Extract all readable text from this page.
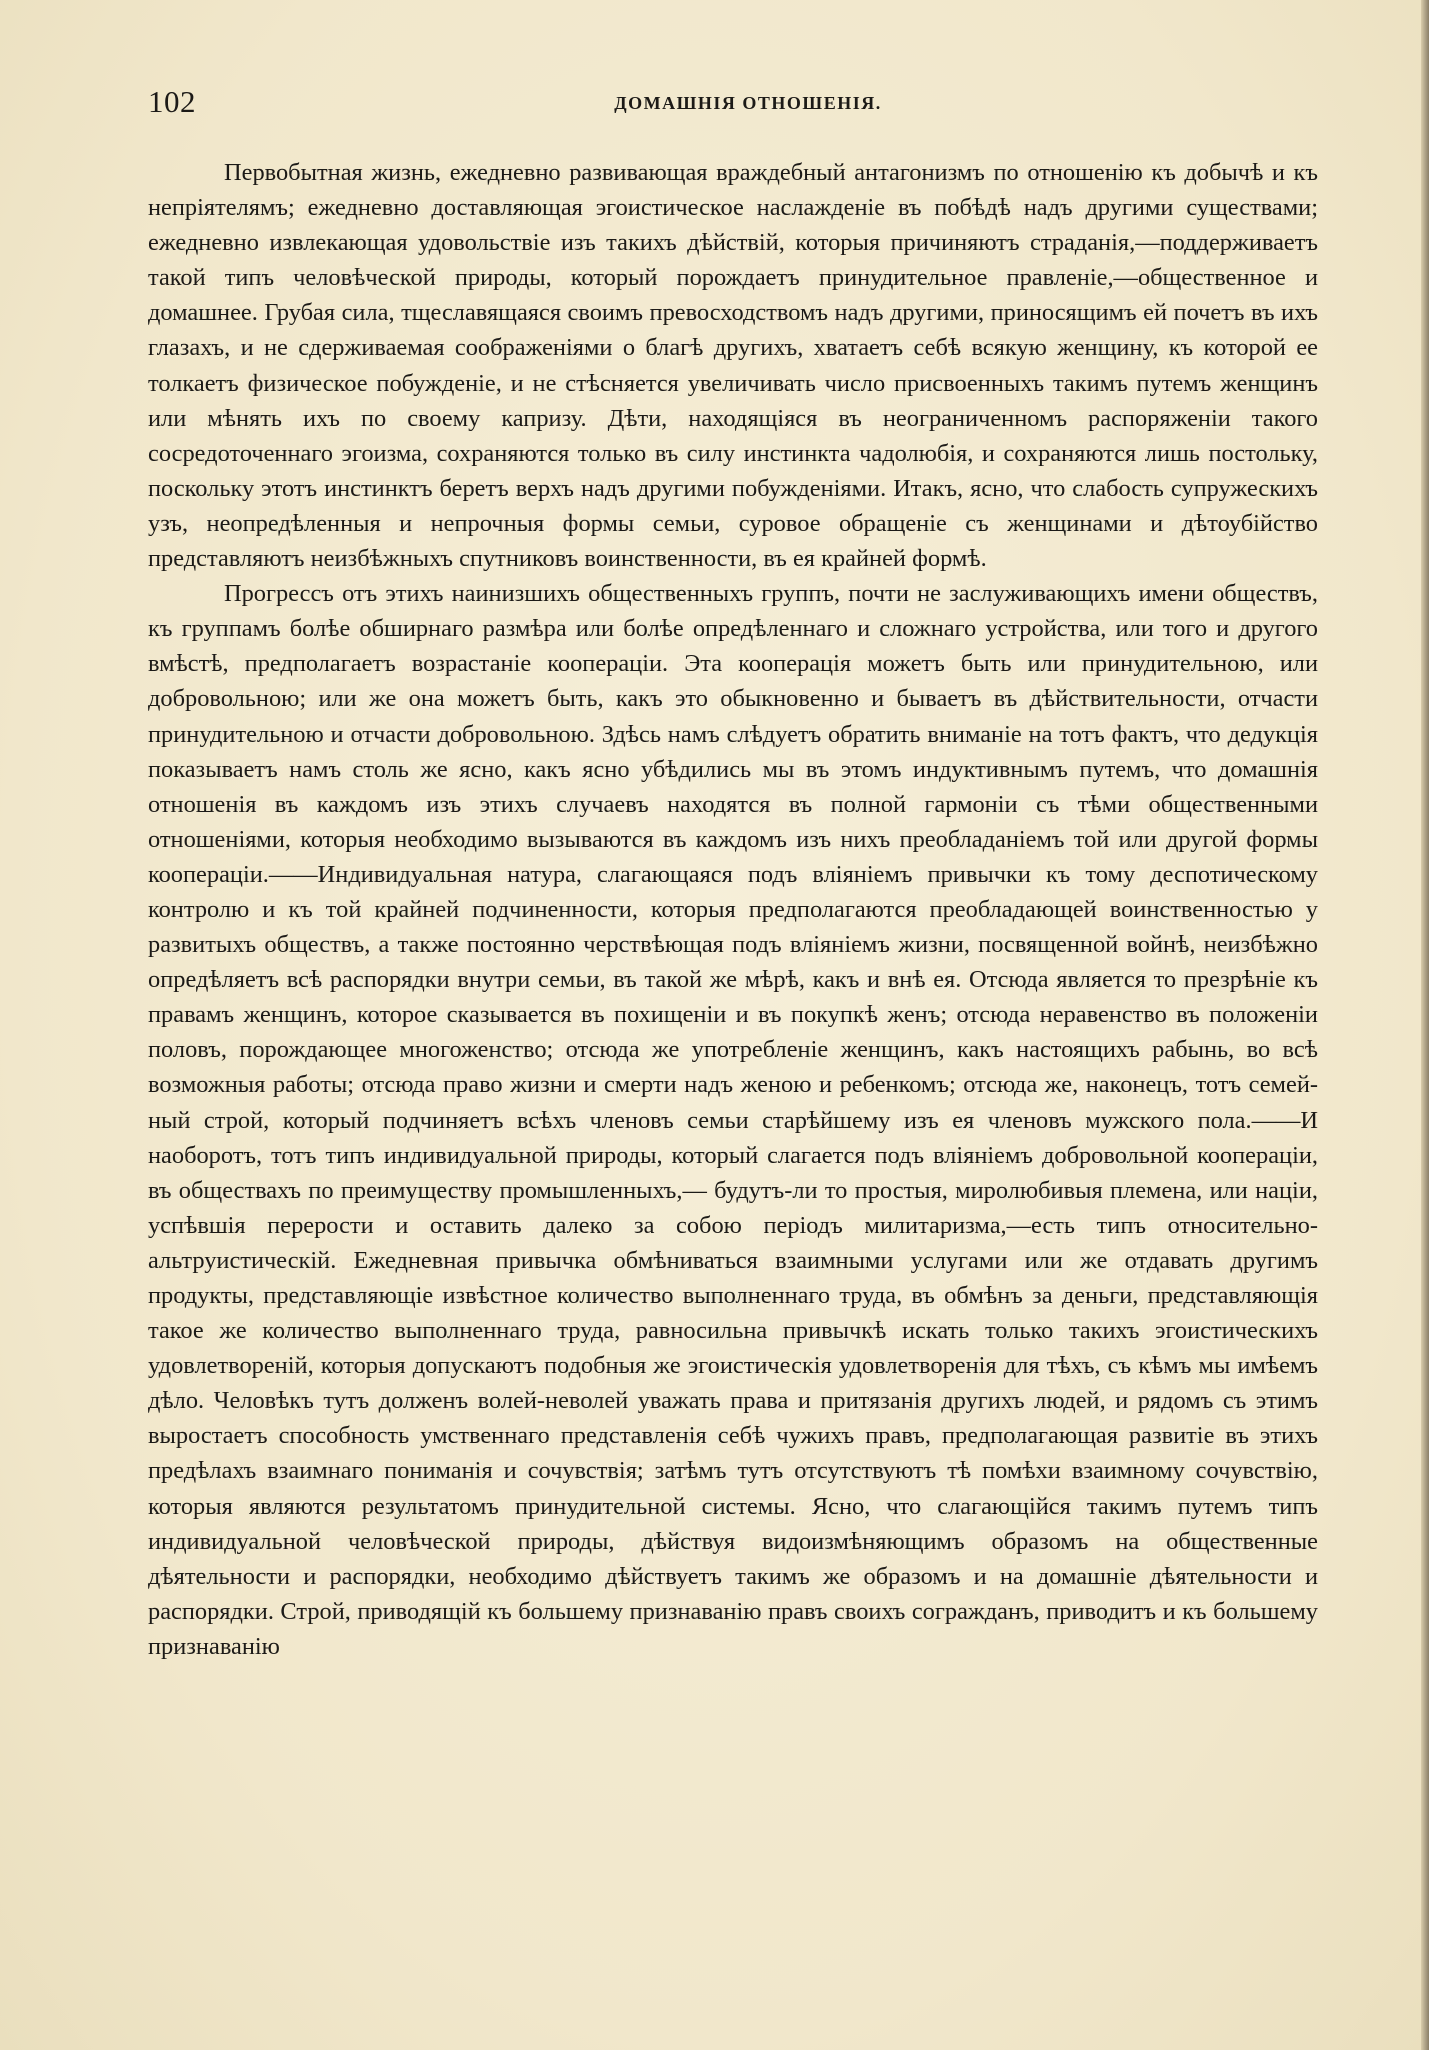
102	ДОМАШНІЯ ОТНОШЕНІЯ.

Первобытная жизнь, ежедневно развивающая враждебный антагонизмъ по отношенію къ добычѣ и къ непріятелямъ; ежедневно доставляющая эгоистическое наслажденіе въ побѣдѣ надъ другими существами; ежедневно извлекающая удовольствіе изъ такихъ дѣйствій, которыя причиняютъ страданія,—поддерживаетъ такой типъ человѣческой природы, который порождаетъ принудительное правленіе,—общественное и домашнее. Грубая сила, тщеславящаяся своимъ превосходствомъ надъ другими, приносящимъ ей почетъ въ ихъ глазахъ, и не сдерживаемая соображеніями о благѣ другихъ, хватаетъ себѣ всякую женщину, къ которой ее толкаетъ физическое побужденіе, и не стѣсняется увеличивать число присвоенныхъ такимъ путемъ женщинъ или мѣнять ихъ по своему капризу. Дѣти, находящіяся въ неограниченномъ распоряженіи такого сосредоточеннаго эгоизма, сохраняются только въ силу инстинкта чадолюбія, и сохраняются лишь постольку, поскольку этотъ инстинктъ беретъ верхъ надъ другими побужденіями. Итакъ, ясно, что слабость супружескихъ узъ, неопредѣленныя и непрочныя формы семьи, суровое обращеніе съ женщинами и дѣтоубійство представляютъ неизбѣжныхъ спутниковъ воинственности, въ ея крайней формѣ.

Прогрессъ отъ этихъ наинизшихъ общественныхъ группъ, почти не заслуживающихъ имени обществъ, къ группамъ болѣе обширнаго размѣра или болѣе опредѣленнаго и сложнаго устройства, или того и другого вмѣстѣ, предполагаетъ возрастаніе коопераціи. Эта кооперація можетъ быть или принудительною, или добровольною; или же она можетъ быть, какъ это обыкновенно и бываетъ въ дѣйствительности, отчасти принудительною и отчасти добровольною. Здѣсь намъ слѣдуетъ обратить вниманіе на тотъ фактъ, что дедукція показываетъ намъ столь же ясно, какъ ясно убѣдились мы въ этомъ индуктивнымъ путемъ, что домашнія отношенія въ каждомъ изъ этихъ случаевъ находятся въ полной гармоніи съ тѣми общественными отношеніями, которыя необходимо вызываются въ каждомъ изъ нихъ преобладаніемъ той или другой формы коопераціи.——Индивидуальная натура, слагающаяся подъ вліяніемъ привычки къ тому деспотическому контролю и къ той крайней подчиненности, которыя предполагаются преобладающей воинственностью у развитыхъ обществъ, а также постоянно черствѣющая подъ вліяніемъ жизни, посвященной войнѣ, неизбѣжно опредѣляетъ всѣ распорядки внутри семьи, въ такой же мѣрѣ, какъ и внѣ ея. Отсюда является то презрѣніе къ правамъ женщинъ, которое сказывается въ похищеніи и въ покупкѣ женъ; отсюда неравенство въ положеніи половъ, порождающее многоженство; отсюда же употребленіе женщинъ, какъ настоящихъ рабынь, во всѣ возможныя работы; отсюда право жизни и смерти надъ женою и ребенкомъ; отсюда же, наконецъ, тотъ семейный строй, который подчиняетъ всѣхъ членовъ семьи старѣйшему изъ ея членовъ мужского пола.——И наоборотъ, тотъ типъ индивидуальной природы, который слагается подъ вліяніемъ добровольной коопераціи, въ обществахъ по преимуществу промышленныхъ,— будутъ-ли то простыя, миролюбивыя племена, или націи, успѣвшія перерости и оставить далеко за собою періодъ милитаризма,—есть типъ относительно-альтруистическій. Ежедневная привычка обмѣниваться взаимными услугами или же отдавать другимъ продукты, представляющіе извѣстное количество выполненнаго труда, въ обмѣнъ за деньги, представляющія такое же количество выполненнаго труда, равносильна привычкѣ искать только такихъ эгоистическихъ удовлетвореній, которыя допускаютъ подобныя же эгоистическія удовлетворенія для тѣхъ, съ кѣмъ мы имѣемъ дѣло. Человѣкъ тутъ долженъ волей-неволей уважать права и притязанія другихъ людей, и рядомъ съ этимъ выростаетъ способность умственнаго представленія себѣ чужихъ правъ, предполагающая развитіе въ этихъ предѣлахъ взаимнаго пониманія и сочувствія; затѣмъ тутъ отсутствуютъ тѣ помѣхи взаимному сочувствію, которыя являются результатомъ принудительной системы. Ясно, что слагающійся такимъ путемъ типъ индивидуальной человѣческой природы, дѣйствуя видоизмѣняющимъ образомъ на общественные дѣятельности и распорядки, необходимо дѣйствуетъ такимъ же образомъ и на домашніе дѣятельности и распорядки. Строй, приводящій къ большему признаванію правъ своихъ согражданъ, приводитъ и къ большему признаванію
